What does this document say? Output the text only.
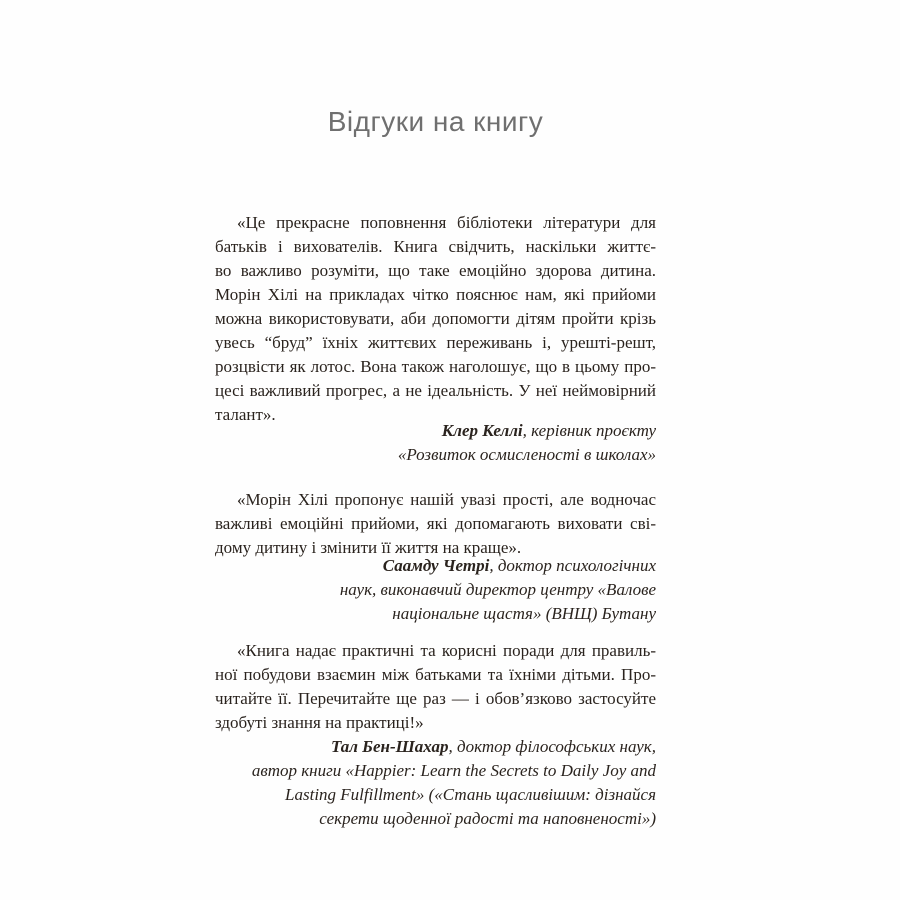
Відгуки на книгу
«Це прекрасне поповнення бібліотеки літератури для
батьків і вихователів. Книга свідчить, наскільки життє-
во важливо розуміти, що таке емоційно здорова дитина.
Морін Хілі на прикладах чітко пояснює нам, які прийоми
можна використовувати, аби допомогти дітям пройти крізь
увесь “бруд” їхніх життєвих переживань і, урешті-решт,
розцвісти як лотос. Вона також наголошує, що в цьому про-
цесі важливий прогрес, а не ідеальність. У неї неймовірний
талант».
Клер Келлі, керівник проєкту
«Розвиток осмисленості в школах»
«Морін Хілі пропонує нашій увазі прості, але водночас
важливі емоційні прийоми, які допомагають виховати сві-
дому дитину і змінити її життя на краще».
Саамду Четрі, доктор психологічних
наук, виконавчий директор центру «Валове
національне щастя» (ВНЩ) Бутану
«Книга надає практичні та корисні поради для правиль-
ної побудови взаємин між батьками та їхніми дітьми. Про-
читайте її. Перечитайте ще раз — і обов’язково застосуйте
здобуті знання на практиці!»
Тал Бен-Шахар, доктор філософських наук,
автор книги «Happier: Learn the Secrets to Daily Joy and
Lasting Fulfillment» («Стань щасливішим: дізнайся
секрети щоденної радості та наповненості»)
